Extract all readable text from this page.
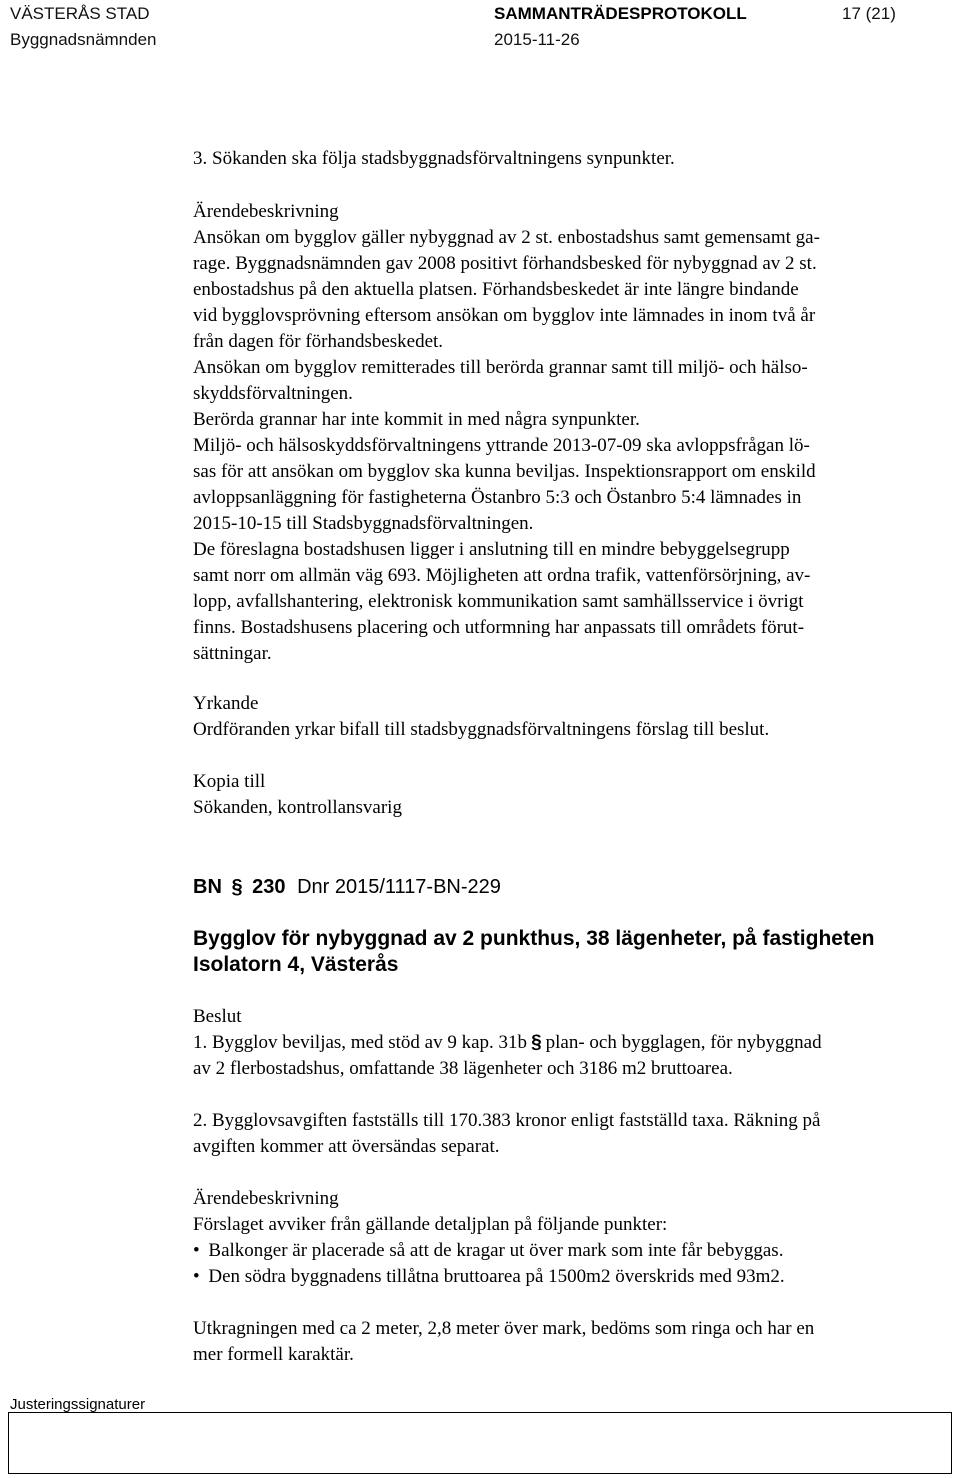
VÄSTERÅS STAD
Byggnadsnämnden
SAMMANTRÄDESPROTOKOLL
2015-11-26
17 (21)
3. Sökanden ska följa stadsbyggnadsförvaltningens synpunkter.
Ärendebeskrivning
Ansökan om bygglov gäller nybyggnad av 2 st. enbostadshus samt gemensamt ga-
rage. Byggnadsnämnden gav 2008 positivt förhandsbesked för nybyggnad av 2 st.
enbostadshus på den aktuella platsen. Förhandsbeskedet är inte längre bindande
vid bygglovsprövning eftersom ansökan om bygglov inte lämnades in inom två år
från dagen för förhandsbeskedet.
Ansökan om bygglov remitterades till berörda grannar samt till miljö- och hälso-
skyddsförvaltningen.
Berörda grannar har inte kommit in med några synpunkter.
Miljö- och hälsoskyddsförvaltningens yttrande 2013-07-09 ska avloppsfrågan lö-
sas för att ansökan om bygglov ska kunna beviljas. Inspektionsrapport om enskild
avloppsanläggning för fastigheterna Östanbro 5:3 och Östanbro 5:4 lämnades in
2015-10-15 till Stadsbyggnadsförvaltningen.
De föreslagna bostadshusen ligger i anslutning till en mindre bebyggelsegrupp
samt norr om allmän väg 693. Möjligheten att ordna trafik, vattenförsörjning, av-
lopp, avfallshantering, elektronisk kommunikation samt samhällsservice i övrigt
finns. Bostadshusens placering och utformning har anpassats till områdets förut-
sättningar.
Yrkande
Ordföranden yrkar bifall till stadsbyggnadsförvaltningens förslag till beslut.
Kopia till
Sökanden, kontrollansvarig
BN § 230 Dnr 2015/1117-BN-229
Bygglov för nybyggnad av 2 punkthus, 38 lägenheter, på fastigheten
Isolatorn 4, Västerås
Beslut
1. Bygglov beviljas, med stöd av 9 kap. 31b § plan- och bygglagen, för nybyggnad
av 2 flerbostadshus, omfattande 38 lägenheter och 3186 m2 bruttoarea.
2. Bygglovsavgiften fastställs till 170.383 kronor enligt fastställd taxa. Räkning på
avgiften kommer att översändas separat.
Ärendebeskrivning
Förslaget avviker från gällande detaljplan på följande punkter:
• Balkonger är placerade så att de kragar ut över mark som inte får bebyggas.
• Den södra byggnadens tillåtna bruttoarea på 1500m2 överskrids med 93m2.
Utkragningen med ca 2 meter, 2,8 meter över mark, bedöms som ringa och har en
mer formell karaktär.
Justeringssignaturer
